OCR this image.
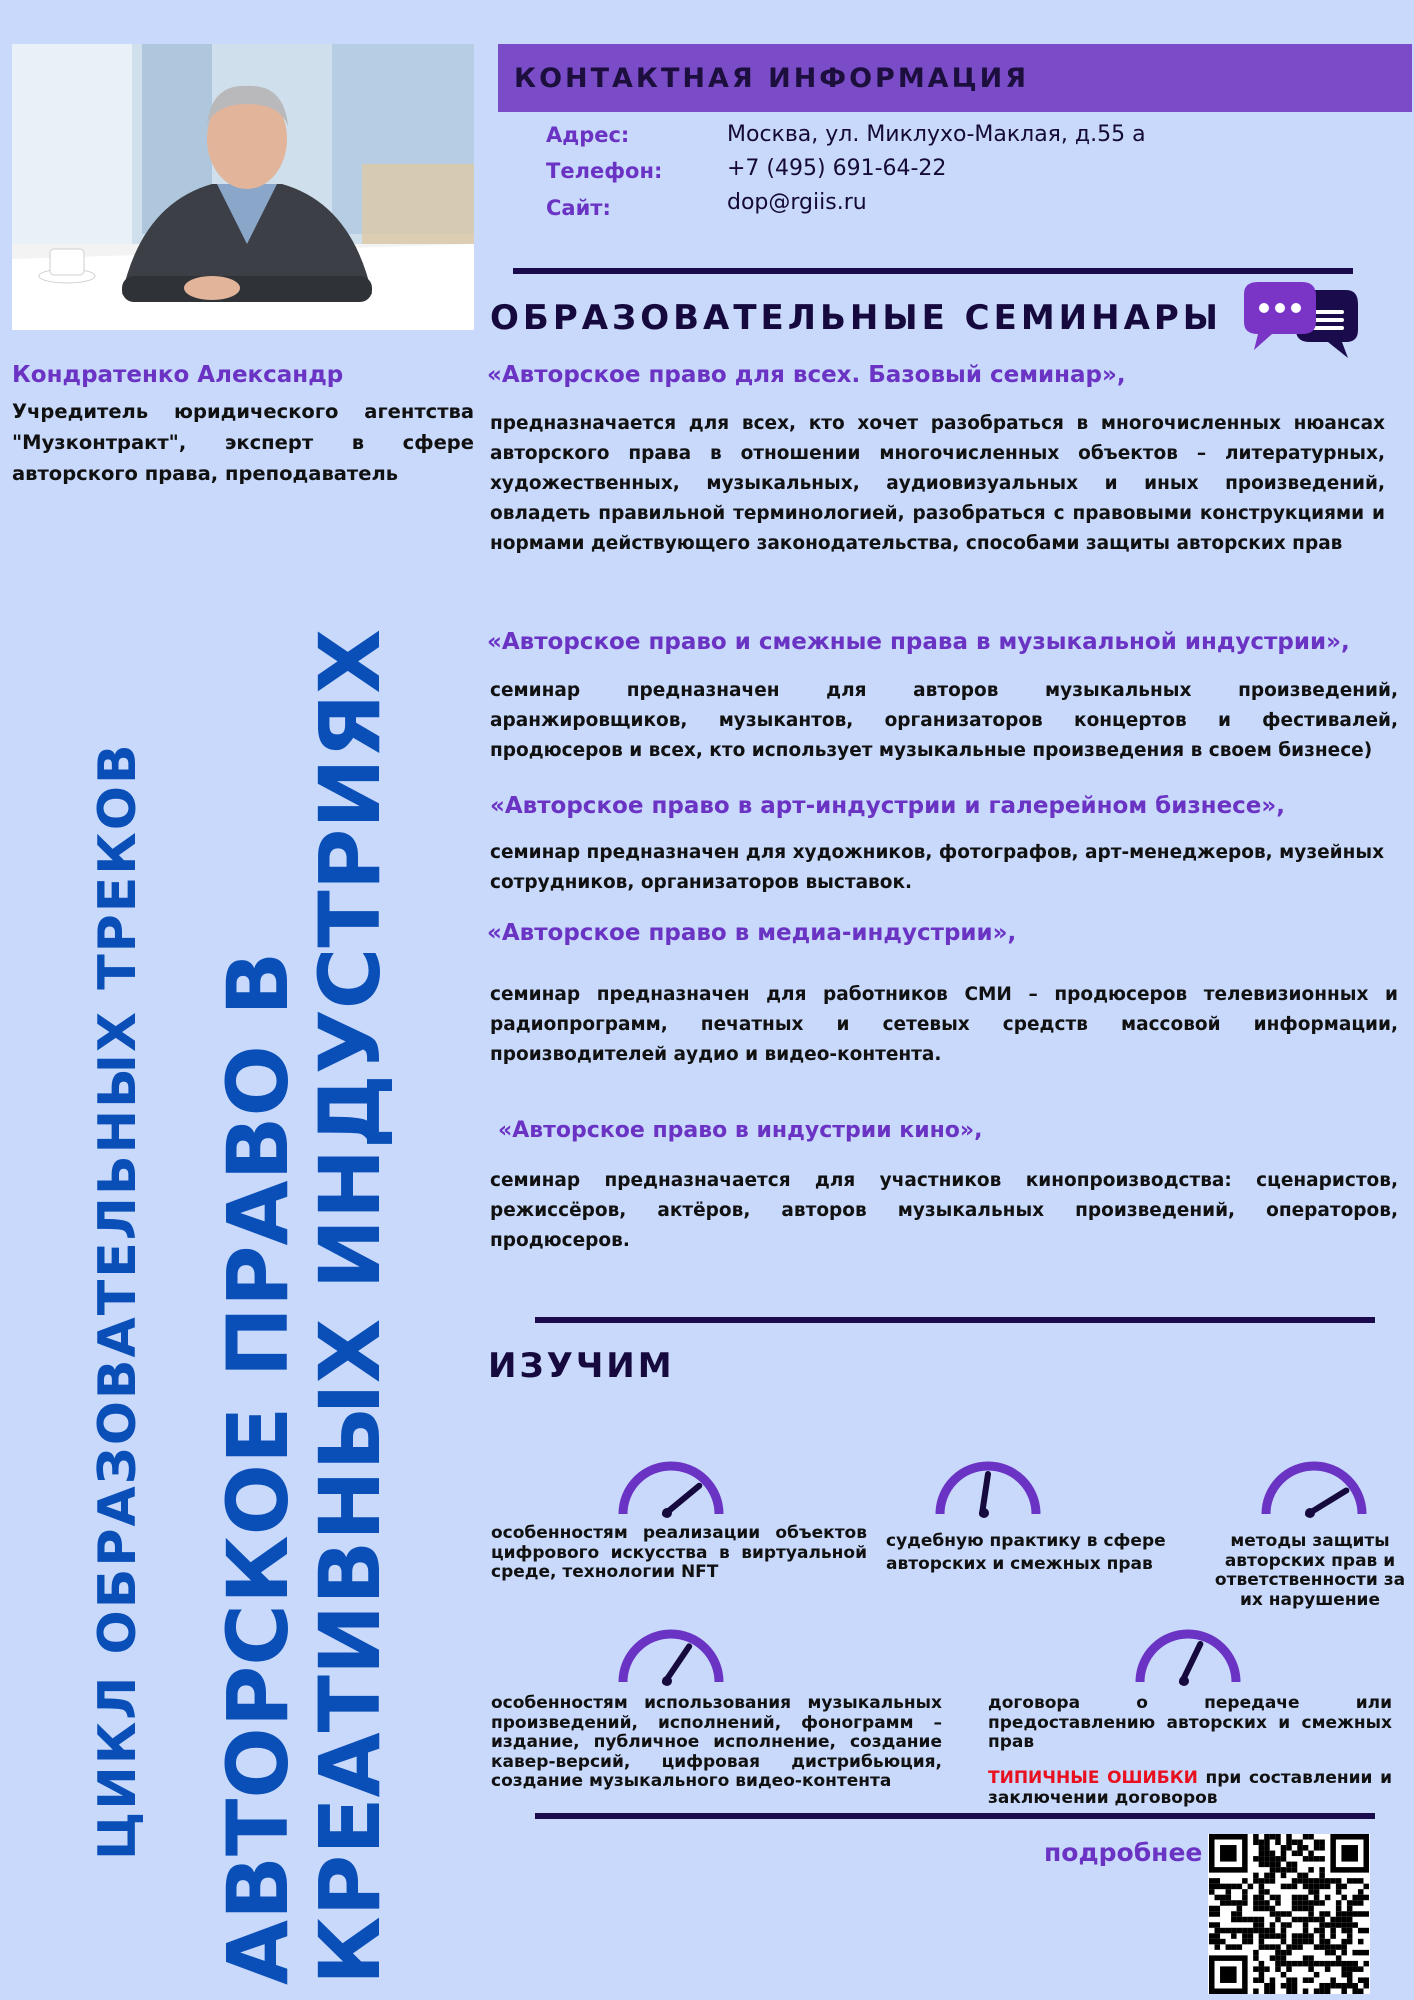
КОНТАКТНАЯ ИНФОРМАЦИЯ
Адрес:	Москва, ул. Миклухо-Маклая, д.55 а
Телефон:	+7 (495) 691-64-22
Сайт:	dop@rgiis.ru
Кондратенко Александр
Учредитель юридического агентства "Музконтракт", эксперт в сфере авторского права, преподаватель
ЦИКЛ ОБРАЗОВАТЕЛЬНЫХ ТРЕКОВ АВТОРСКОЕ ПРАВО В
КРЕАТИВНЫХ ИНДУСТРИЯХ
ОБРАЗОВАТЕЛЬНЫЕ СЕМИНАРЫ
«Авторское право для всех. Базовый семинар»,
предназначается для всех, кто хочет разобраться в многочисленных нюансах авторского права в отношении многочисленных объектов – литературных, художественных, музыкальных, аудиовизуальных и иных произведений, овладеть правильной терминологией, разобраться с правовыми конструкциями и нормами действующего законодательства, способами защиты авторских прав
«Авторское право и смежные права в музыкальной индустрии»,
семинар предназначен для авторов музыкальных произведений, аранжировщиков, музыкантов, организаторов концертов и фестивалей, продюсеров и всех, кто использует музыкальные произведения в своем бизнесе)
«Авторское право в арт-индустрии и галерейном бизнесе»,
семинар предназначен для художников, фотографов, арт-менеджеров, музейных сотрудников, организаторов выставок.
«Авторское право в медиа-индустрии»,
семинар предназначен для работников СМИ – продюсеров телевизионных и радиопрограмм, печатных и сетевых средств массовой информации, производителей аудио и видео-контента.
«Авторское право в индустрии кино»,
семинар предназначается для участников кинопроизводства: сценаристов, режиссёров, актёров, авторов музыкальных произведений, операторов, продюсеров.
ИЗУЧИМ
особенностям реализации объектов цифрового искусства в виртуальной среде, технологии NFT
судебную практику в сфере авторских и смежных прав
методы защиты авторских прав и ответственности за их нарушение
особенностям использования музыкальных произведений, исполнений, фонограмм – издание, публичное исполнение, создание кавер-версий, цифровая дистрибьюция, создание музыкального видео-контента
договора о передаче или предоставлению авторских и смежных прав
ТИПИЧНЫЕ ОШИБКИ при составлении и заключении договоров
подробнее
